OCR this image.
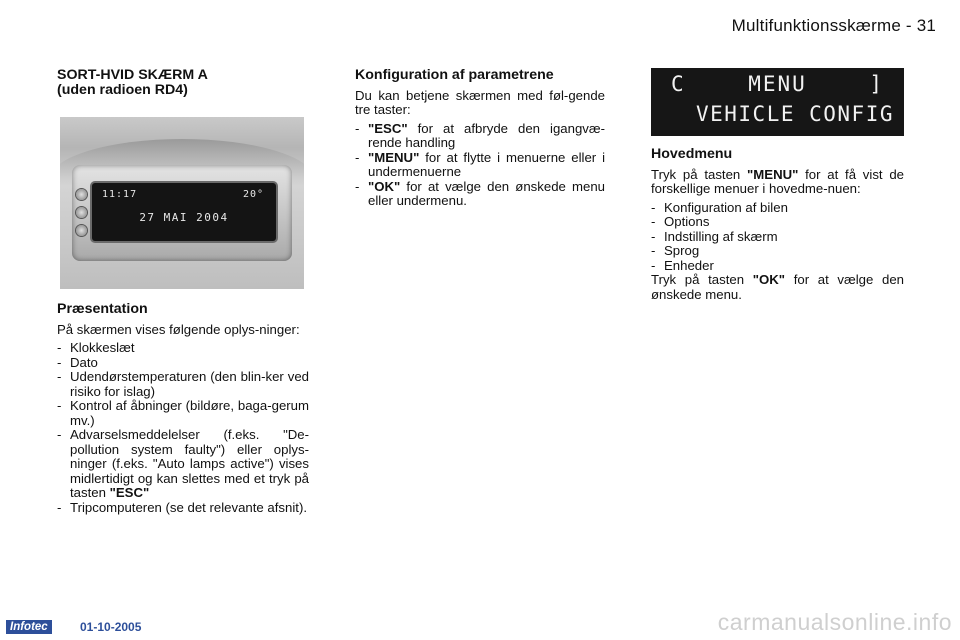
Multifunktionsskærme - 31
SORT-HVID SKÆRM A
(uden radioen RD4)
11:17	20°
27 MAI 2004
Præsentation

På skærmen vises følgende oplys-ninger:

- Klokkeslæt
- Dato
- Udendørstemperaturen (den blin-ker ved risiko for islag)
- Kontrol af åbninger (bildøre, baga-gerum mv.)
- Advarselsmeddelelser (f.eks. "De-pollution system faulty") eller oplys-ninger (f.eks. "Auto lamps active") vises midlertidigt og kan slettes med et tryk på tasten "ESC"
- Tripcomputeren (se det relevante afsnit).
Konfiguration af parametrene

Du kan betjene skærmen med føl-gende tre taster:

- "ESC" for at afbryde den igangvæ-rende handling
- "MENU" for at flytte i menuerne eller i undermenuerne
- "OK" for at vælge den ønskede menu eller undermenu.
C	MENU	]
VEHICLE CONFIG
Hovedmenu

Tryk på tasten "MENU" for at få vist de forskellige menuer i hovedme-nuen:

- Konfiguration af bilen
- Options
- Indstilling af skærm
- Sprog
- Enheder

Tryk på tasten "OK" for at vælge den ønskede menu.

Infotec	01-10-2005	carmanualsonline.info
